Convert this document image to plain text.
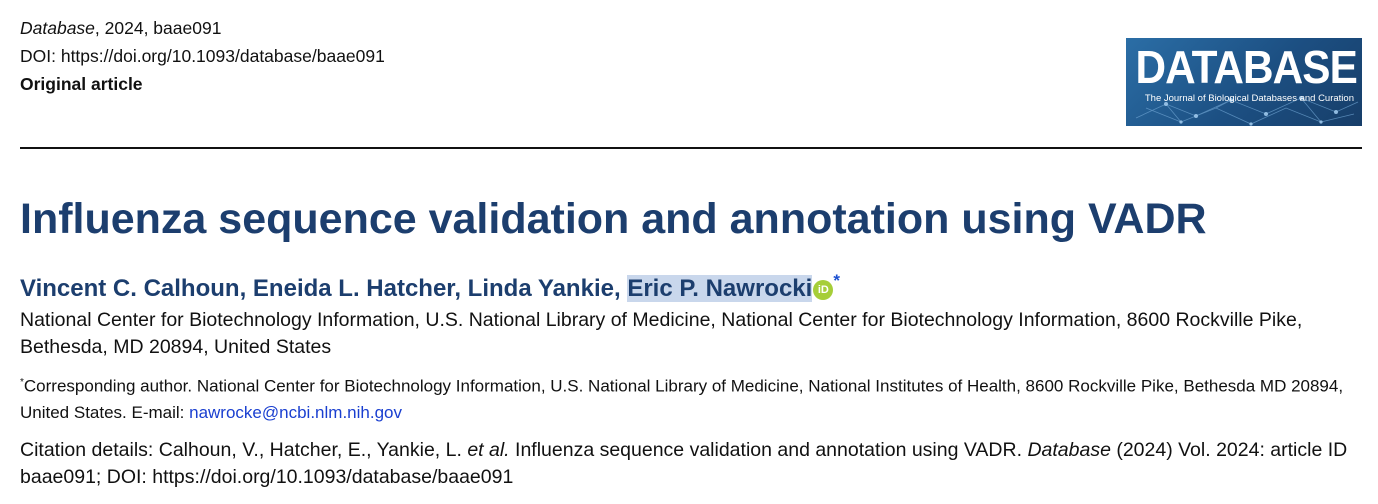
Database, 2024, baae091
DOI: https://doi.org/10.1093/database/baae091
Original article	DATABASE
The Journal of Biological Databases and Curation
Influenza sequence validation and annotation using VADR
Vincent C. Calhoun, Eneida L. Hatcher, Linda Yankie, Eric P. Nawrocki iD *
National Center for Biotechnology Information, U.S. National Library of Medicine, National Center for Biotechnology Information, 8600 Rockville Pike, Bethesda, MD 20894, United States
*Corresponding author. National Center for Biotechnology Information, U.S. National Library of Medicine, National Institutes of Health, 8600 Rockville Pike, Bethesda MD 20894, United States. E-mail: nawrocke@ncbi.nlm.nih.gov
Citation details: Calhoun, V., Hatcher, E., Yankie, L. et al. Influenza sequence validation and annotation using VADR. Database (2024) Vol. 2024: article ID baae091; DOI: https://doi.org/10.1093/database/baae091
